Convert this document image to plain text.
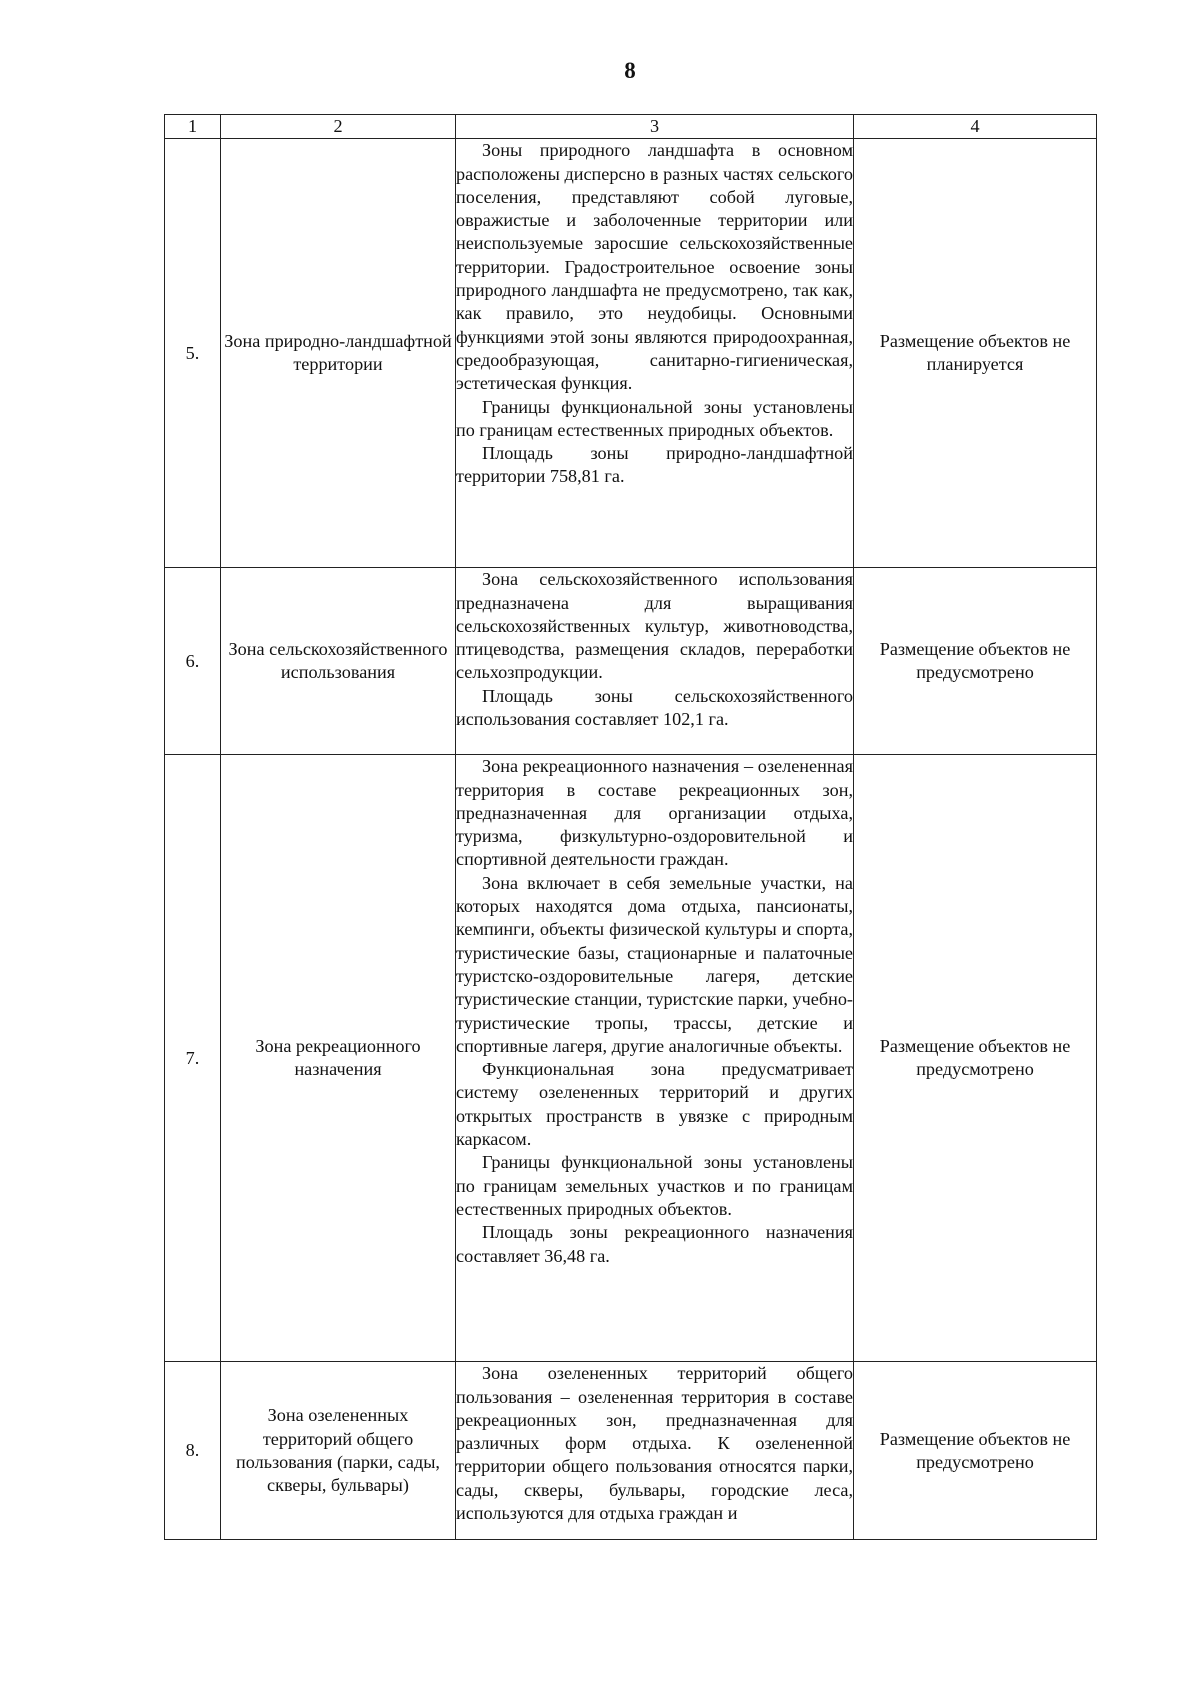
8
1	2	3	4
5.	Зона природно-ландшафтной территории	Зоны природного ландшафта в основном расположены дисперсно в разных частях сельского поселения, представляют собой луговые, овражистые и заболоченные территории или неиспользуемые заросшие сельскохозяйственные территории. Градостроительное освоение зоны природного ландшафта не предусмотрено, так как, как правило, это неудобицы. Основными функциями этой зоны являются природоохранная, средообразующая, санитарно-гигиеническая, эстетическая функция.

Границы функциональной зоны установлены по границам естественных природных объектов.

Площадь зоны природно-ландшафтной территории 758,81 га.	Размещение объектов не планируется
6.	Зона сельскохозяйственного использования	Зона сельскохозяйственного использования предназначена для выращивания сельскохозяйственных культур, животноводства, птицеводства, размещения складов, переработки сельхозпродукции.

Площадь зоны сельскохозяйственного использования составляет 102,1 га.	Размещение объектов не предусмотрено
7.	Зона рекреационного назначения	Зона рекреационного назначения – озелененная территория в составе рекреационных зон, предназначенная для организации отдыха, туризма, физкультурно-оздоровительной и спортивной деятельности граждан.

Зона включает в себя земельные участки, на которых находятся дома отдыха, пансионаты, кемпинги, объекты физической культуры и спорта, туристические базы, стационарные и палаточные туристско-оздоровительные лагеря, детские туристические станции, туристские парки, учебно-туристические тропы, трассы, детские и спортивные лагеря, другие аналогичные объекты.

Функциональная зона предусматривает систему озелененных территорий и других открытых пространств в увязке с природным каркасом.

Границы функциональной зоны установлены по границам земельных участков и по границам естественных природных объектов.

Площадь зоны рекреационного назначения составляет 36,48 га.	Размещение объектов не предусмотрено
8.	Зона озелененных территорий общего пользования (парки, сады, скверы, бульвары)	Зона озелененных территорий общего пользования – озелененная территория в составе рекреационных зон, предназначенная для различных форм отдыха. К озелененной территории общего пользования относятся парки, сады, скверы, бульвары, городские леса, используются для отдыха граждан и	Размещение объектов не предусмотрено
